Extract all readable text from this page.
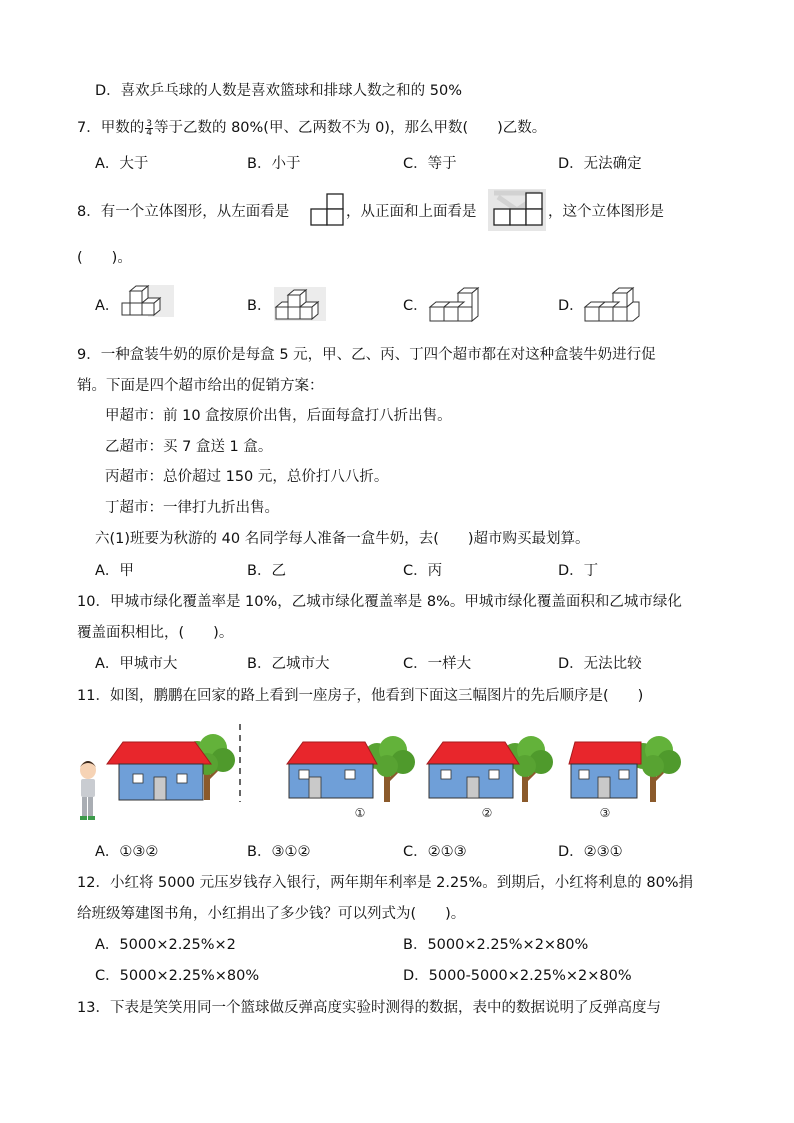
D．喜欢乒乓球的人数是喜欢篮球和排球人数之和的 50%
7．甲数的 $\frac{3}{4}$ 等于乙数的 80%(甲、乙两数不为 0)，那么甲数(　　)乙数。
A．大于	B．小于	C．等于	D．无法确定
8．有一个立体图形，从左面看是	，从正面和上面看是	，这个立体图形是
(　　)。
A．	B．	C．	D．
9．一种盒装牛奶的原价是每盒 5 元，甲、乙、丙、丁四个超市都在对这种盒装牛奶进行促
销。下面是四个超市给出的促销方案：
甲超市：前 10 盒按原价出售，后面每盒打八折出售。
乙超市：买 7 盒送 1 盒。
丙超市：总价超过 150 元，总价打八八折。
丁超市：一律打九折出售。
六(1)班要为秋游的 40 名同学每人准备一盒牛奶，去(　　)超市购买最划算。
A．甲	B．乙	C．丙	D．丁
10．甲城市绿化覆盖率是 10%，乙城市绿化覆盖率是 8%。甲城市绿化覆盖面积和乙城市绿化
覆盖面积相比，(　　)。
A．甲城市大	B．乙城市大	C．一样大	D．无法比较
11．如图，鹏鹏在回家的路上看到一座房子，他看到下面这三幅图片的先后顺序是(　　)
①	②	③
A．①③②	B．③①②	C．②①③	D．②③①
12．小红将 5000 元压岁钱存入银行，两年期年利率是 2.25%。到期后，小红将利息的 80%捐
给班级筹建图书角，小红捐出了多少钱？可以列式为(　　)。
A．5000×2.25%×2	B．5000×2.25%×2×80%
C．5000×2.25%×80%	D．5000-5000×2.25%×2×80%
13．下表是笑笑用同一个篮球做反弹高度实验时测得的数据，表中的数据说明了反弹高度与
